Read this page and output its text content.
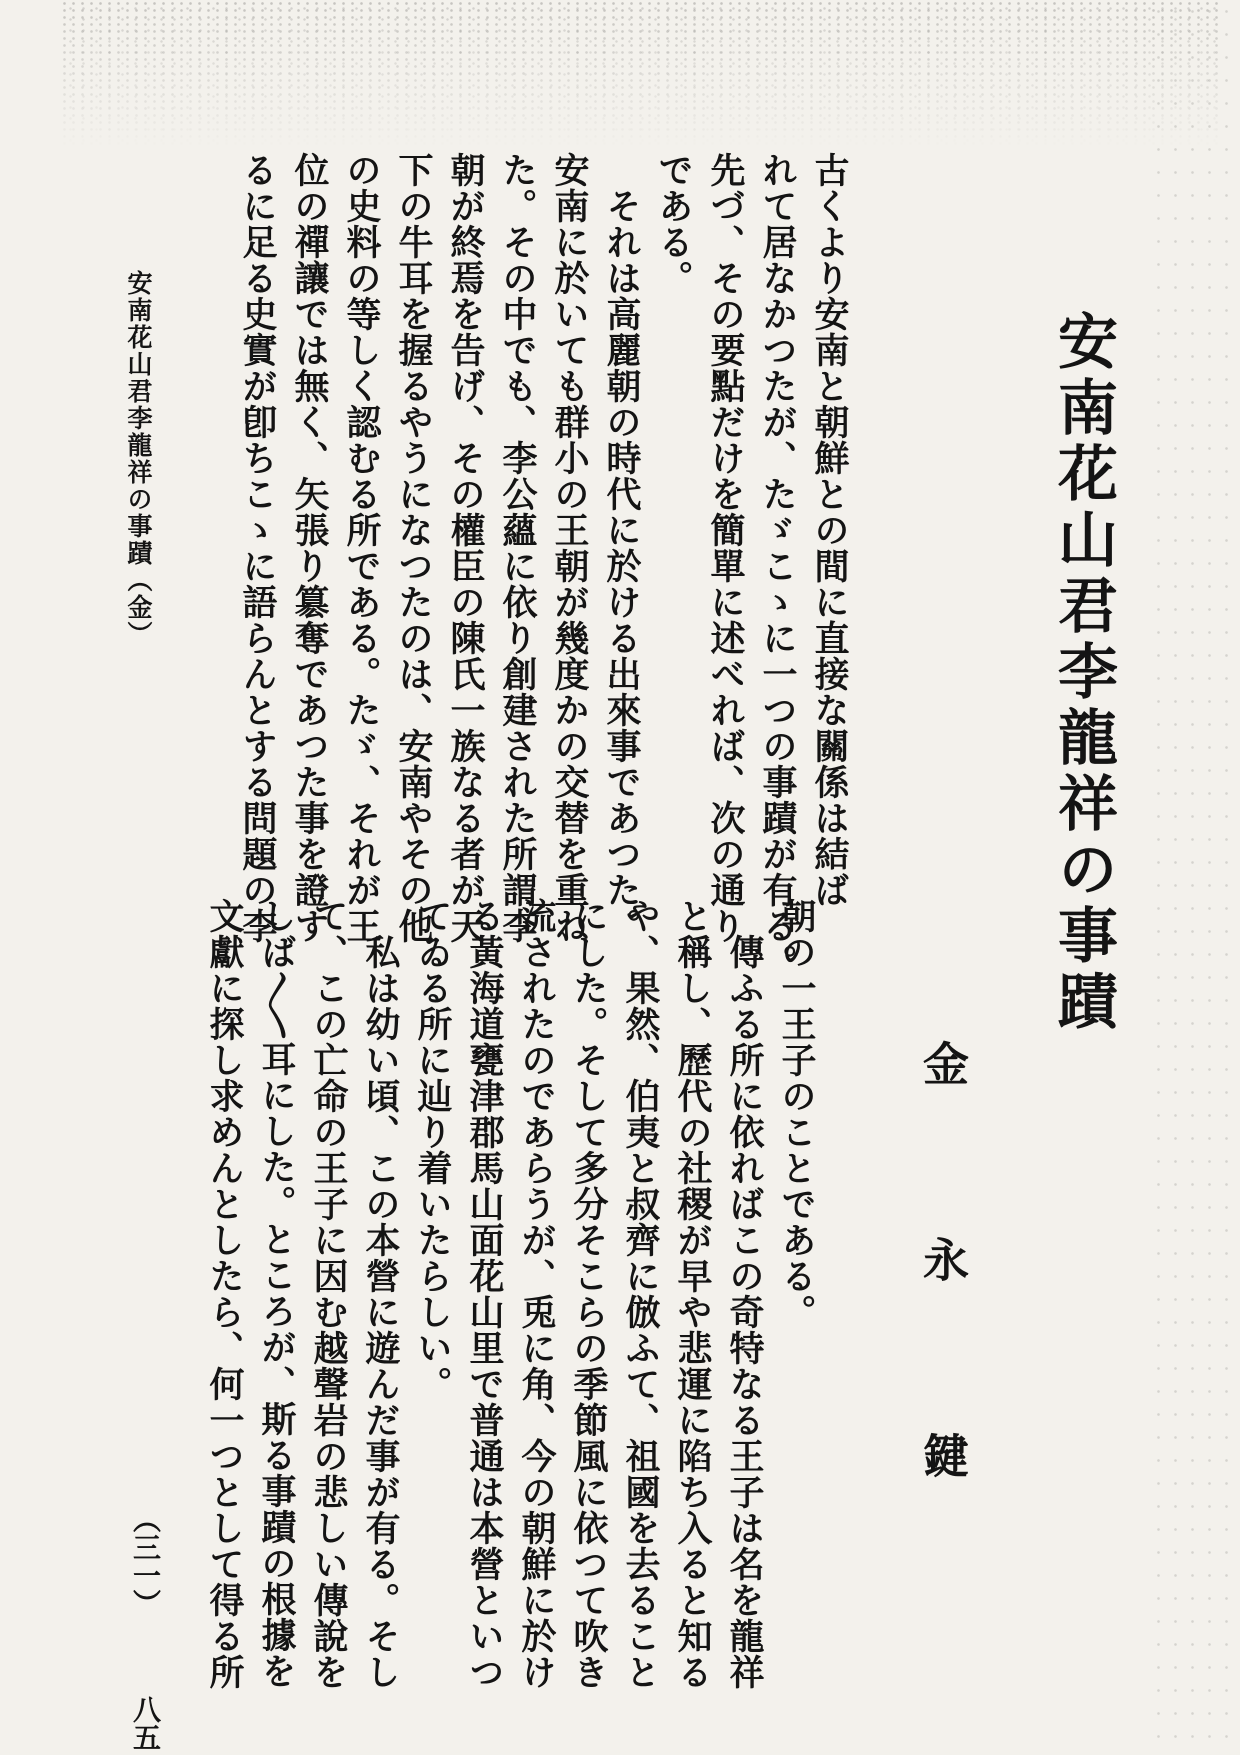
安南花山君李龍祥の事蹟
金永鍵
古くより安南と朝鮮との間に直接な關係は結ば
れて居なかつたが、たゞこゝに一つの事蹟が有る。
先づ、その要點だけを簡單に述べれば、次の通り
である。
　それは高麗朝の時代に於ける出來事であつた。
安南に於いても群小の王朝が幾度かの交替を重ね
た。その中でも、李公蘊に依り創建された所謂李
朝が終焉を告げ、その權臣の陳氏一族なる者が天
下の牛耳を握るやうになつたのは、安南やその他
の史料の等しく認むる所である。たゞ、それが王
位の禪讓では無く、矢張り簒奪であつた事を證す
るに足る史實が卽ちこゝに語らんとする問題の李
朝の一王子のことである。
　傳ふる所に依ればこの奇特なる王子は名を龍祥
と稱し、歷代の社稷が早や悲運に陷ち入ると知る
や、果然、伯夷と叔齊に倣ふて、祖國を去ること
にした。そして多分そこらの季節風に依つて吹き
流されたのであらうが、兎に角、今の朝鮮に於け
る黃海道甕津郡馬山面花山里で普通は本營といつ
てゐる所に辿り着いたらしい。
　私は幼い頃、この本營に遊んだ事が有る。そし
て、この亡命の王子に因む越聲岩の悲しい傳說を
しば〳〵耳にした。ところが、斯る事蹟の根據を
文獻に探し求めんとしたら、何一つとして得る所
安南花山君李龍祥の事蹟（金）
（三一）
八五
